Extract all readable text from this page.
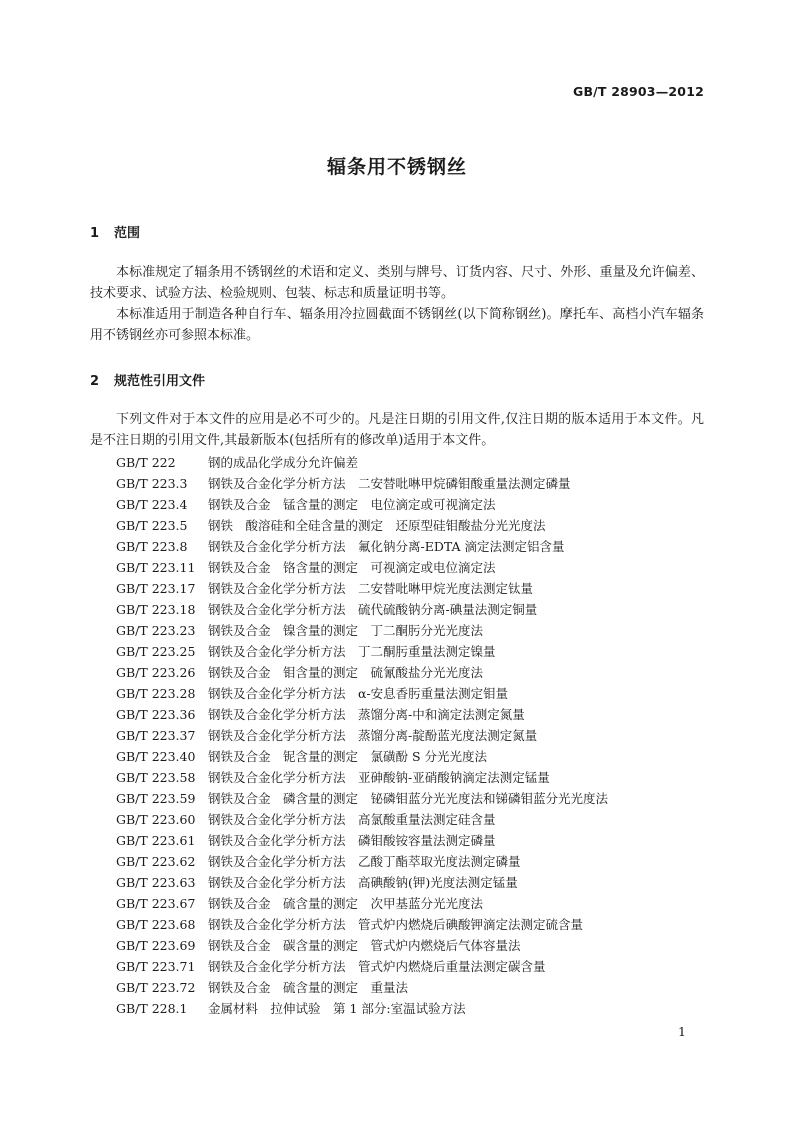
GB/T 28903—2012
辐条用不锈钢丝
1 范围

本标准规定了辐条用不锈钢丝的术语和定义、类别与牌号、订货内容、尺寸、外形、重量及允许偏差、技术要求、试验方法、检验规则、包装、标志和质量证明书等。

本标准适用于制造各种自行车、辐条用冷拉圆截面不锈钢丝(以下简称钢丝)。摩托车、高档小汽车辐条用不锈钢丝亦可参照本标准。

2 规范性引用文件

下列文件对于本文件的应用是必不可少的。凡是注日期的引用文件,仅注日期的版本适用于本文件。凡是不注日期的引用文件,其最新版本(包括所有的修改单)适用于本文件。

GB/T 222	钢的成品化学成分允许偏差
GB/T 223.3 钢铁及合金化学分析方法　二安替吡啉甲烷磷钼酸重量法测定磷量
GB/T 223.4 钢铁及合金　锰含量的测定　电位滴定或可视滴定法
GB/T 223.5 钢铁　酸溶硅和全硅含量的测定　还原型硅钼酸盐分光光度法
GB/T 223.8 钢铁及合金化学分析方法　氟化钠分离-EDTA 滴定法测定铝含量
GB/T 223.11 钢铁及合金　铬含量的测定　可视滴定或电位滴定法
GB/T 223.17 钢铁及合金化学分析方法　二安替吡啉甲烷光度法测定钛量
GB/T 223.18 钢铁及合金化学分析方法　硫代硫酸钠分离-碘量法测定铜量
GB/T 223.23 钢铁及合金　镍含量的测定　丁二酮肟分光光度法
GB/T 223.25 钢铁及合金化学分析方法　丁二酮肟重量法测定镍量
GB/T 223.26 钢铁及合金　钼含量的测定　硫氰酸盐分光光度法
GB/T 223.28 钢铁及合金化学分析方法　α-安息香肟重量法测定钼量
GB/T 223.36 钢铁及合金化学分析方法　蒸馏分离-中和滴定法测定氮量
GB/T 223.37 钢铁及合金化学分析方法　蒸馏分离-靛酚蓝光度法测定氮量
GB/T 223.40 钢铁及合金　铌含量的测定　氯磺酚 S 分光光度法
GB/T 223.58 钢铁及合金化学分析方法　亚砷酸钠-亚硝酸钠滴定法测定锰量
GB/T 223.59 钢铁及合金　磷含量的测定　铋磷钼蓝分光光度法和锑磷钼蓝分光光度法
GB/T 223.60 钢铁及合金化学分析方法　高氯酸重量法测定硅含量
GB/T 223.61 钢铁及合金化学分析方法　磷钼酸铵容量法测定磷量
GB/T 223.62 钢铁及合金化学分析方法　乙酸丁酯萃取光度法测定磷量
GB/T 223.63 钢铁及合金化学分析方法　高碘酸钠(钾)光度法测定锰量
GB/T 223.67 钢铁及合金　硫含量的测定　次甲基蓝分光光度法
GB/T 223.68 钢铁及合金化学分析方法　管式炉内燃烧后碘酸钾滴定法测定硫含量
GB/T 223.69 钢铁及合金　碳含量的测定　管式炉内燃烧后气体容量法
GB/T 223.71 钢铁及合金化学分析方法　管式炉内燃烧后重量法测定碳含量
GB/T 223.72 钢铁及合金　硫含量的测定　重量法
GB/T 228.1 金属材料　拉伸试验　第 1 部分:室温试验方法
1
